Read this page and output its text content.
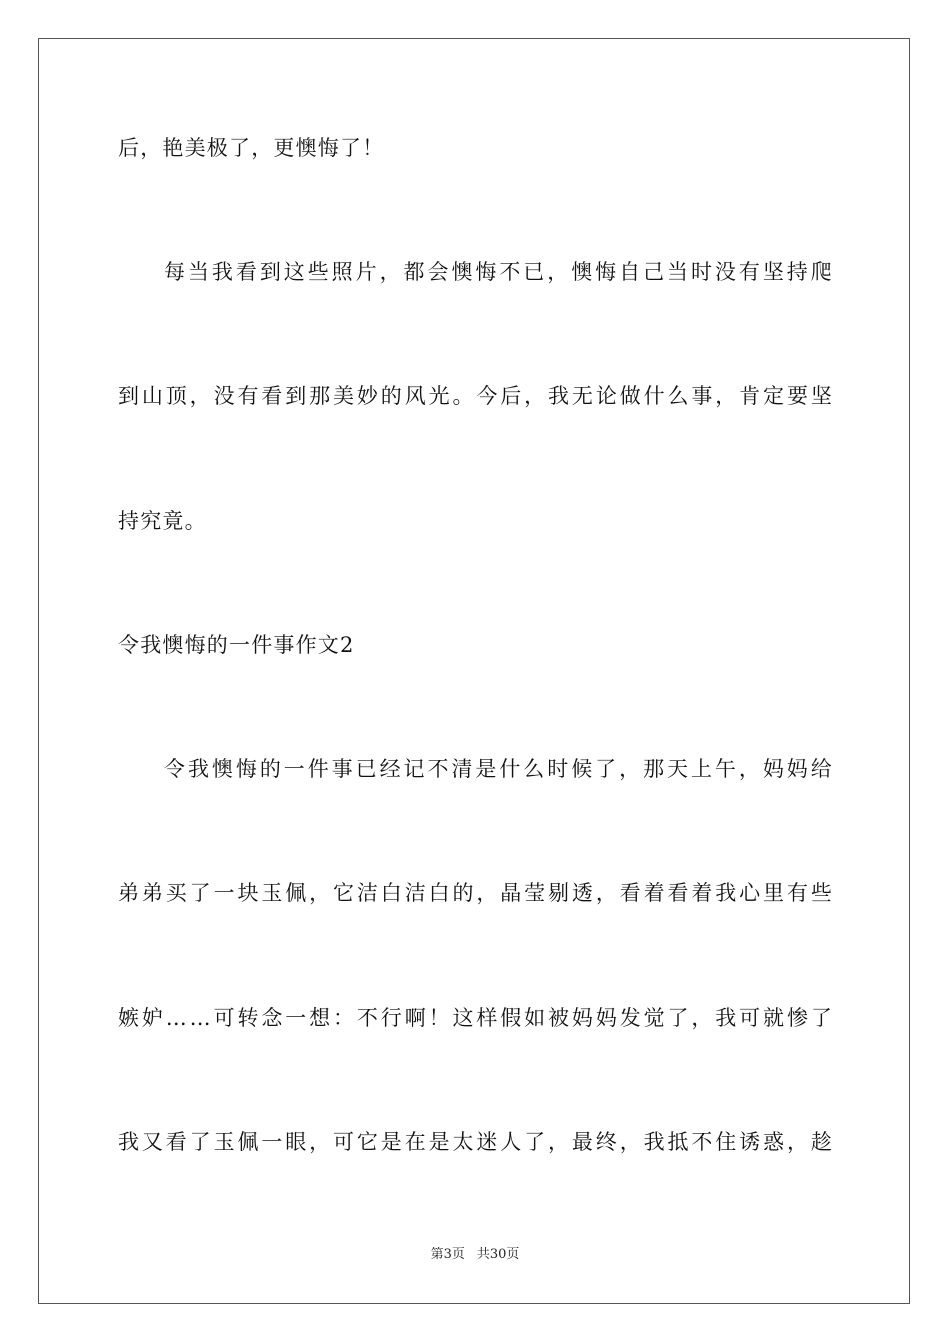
后，艳美极了，更懊悔了！
每 当 我 看 到 这 些 照 片 ， 都 会 懊 悔 不 已 ， 懊 悔 自 己 当 时 没 有 坚 持 爬
到 山 顶 ， 没 有 看 到 那 美 妙 的 风 光 。 今 后 ， 我 无 论 做 什 么 事 ， 肯 定 要 坚
持究竟。
令我懊悔的一件事作文2
令 我 懊 悔 的 一 件 事 已 经 记 不 清 是 什 么 时 候 了 ， 那 天 上 午 ， 妈 妈 给
弟 弟 买 了 一 块 玉 佩 ， 它 洁 白 洁 白 的 ， 晶 莹 剔 透 ， 看 着 看 着 我 心 里 有 些
嫉 妒 … … 可 转 念 一 想 ： 不 行 啊 ！ 这 样 假 如 被 妈 妈 发 觉 了 ， 我 可 就 惨 了
我 又 看 了 玉 佩 一 眼 ， 可 它 是 在 是 太 迷 人 了 ， 最 终 ， 我 抵 不 住 诱 惑 ， 趁
第3页 共30页
